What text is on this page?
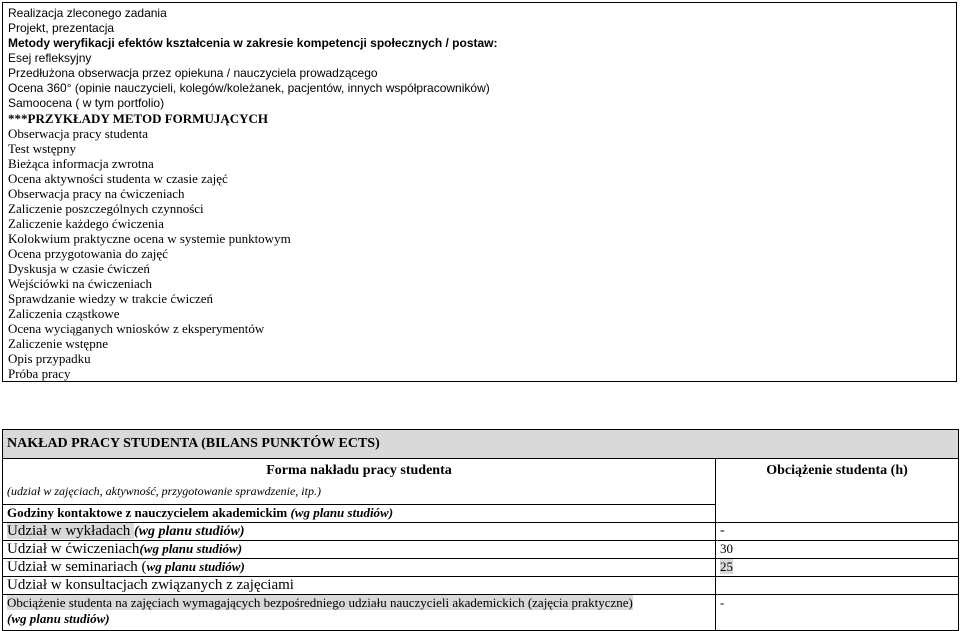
Realizacja zleconego zadania
Projekt, prezentacja
Metody weryfikacji efektów kształcenia w zakresie kompetencji społecznych / postaw:
Esej refleksyjny
Przedłużona obserwacja przez opiekuna / nauczyciela prowadzącego
Ocena 360° (opinie nauczycieli, kolegów/koleżanek, pacjentów, innych współpracowników)
Samoocena ( w tym portfolio)
***PRZYKŁADY METOD FORMUJĄCYCH
Obserwacja pracy studenta
Test wstępny
Bieżąca informacja zwrotna
Ocena aktywności studenta w czasie zajęć
Obserwacja pracy na ćwiczeniach
Zaliczenie poszczególnych czynności
Zaliczenie każdego ćwiczenia
Kolokwium praktyczne ocena w systemie punktowym
Ocena przygotowania do zajęć
Dyskusja w czasie ćwiczeń
Wejściówki na ćwiczeniach
Sprawdzanie wiedzy w trakcie ćwiczeń
Zaliczenia cząstkowe
Ocena wyciąganych wniosków z eksperymentów
Zaliczenie wstępne
Opis przypadku
Próba pracy
NAKŁAD PRACY STUDENTA (BILANS PUNKTÓW ECTS)	

Forma nakładu pracy studenta
(udział w zajęciach, aktywność, przygotowanie sprawdzenie, itp.)	Obciążenie studenta (h)
Godziny kontaktowe z nauczycielem akademickim (wg planu studiów)	
Udział w wykładach (wg planu studiów)	-
Udział w ćwiczeniach(wg planu studiów)	30
Udział w seminariach (wg planu studiów)	25
Udział w konsultacjach związanych z zajęciami	

Obciążenie studenta na zajęciach wymagających bezpośredniego udziału nauczycieli akademickich (zajęcia praktyczne)
(wg planu studiów)	-
